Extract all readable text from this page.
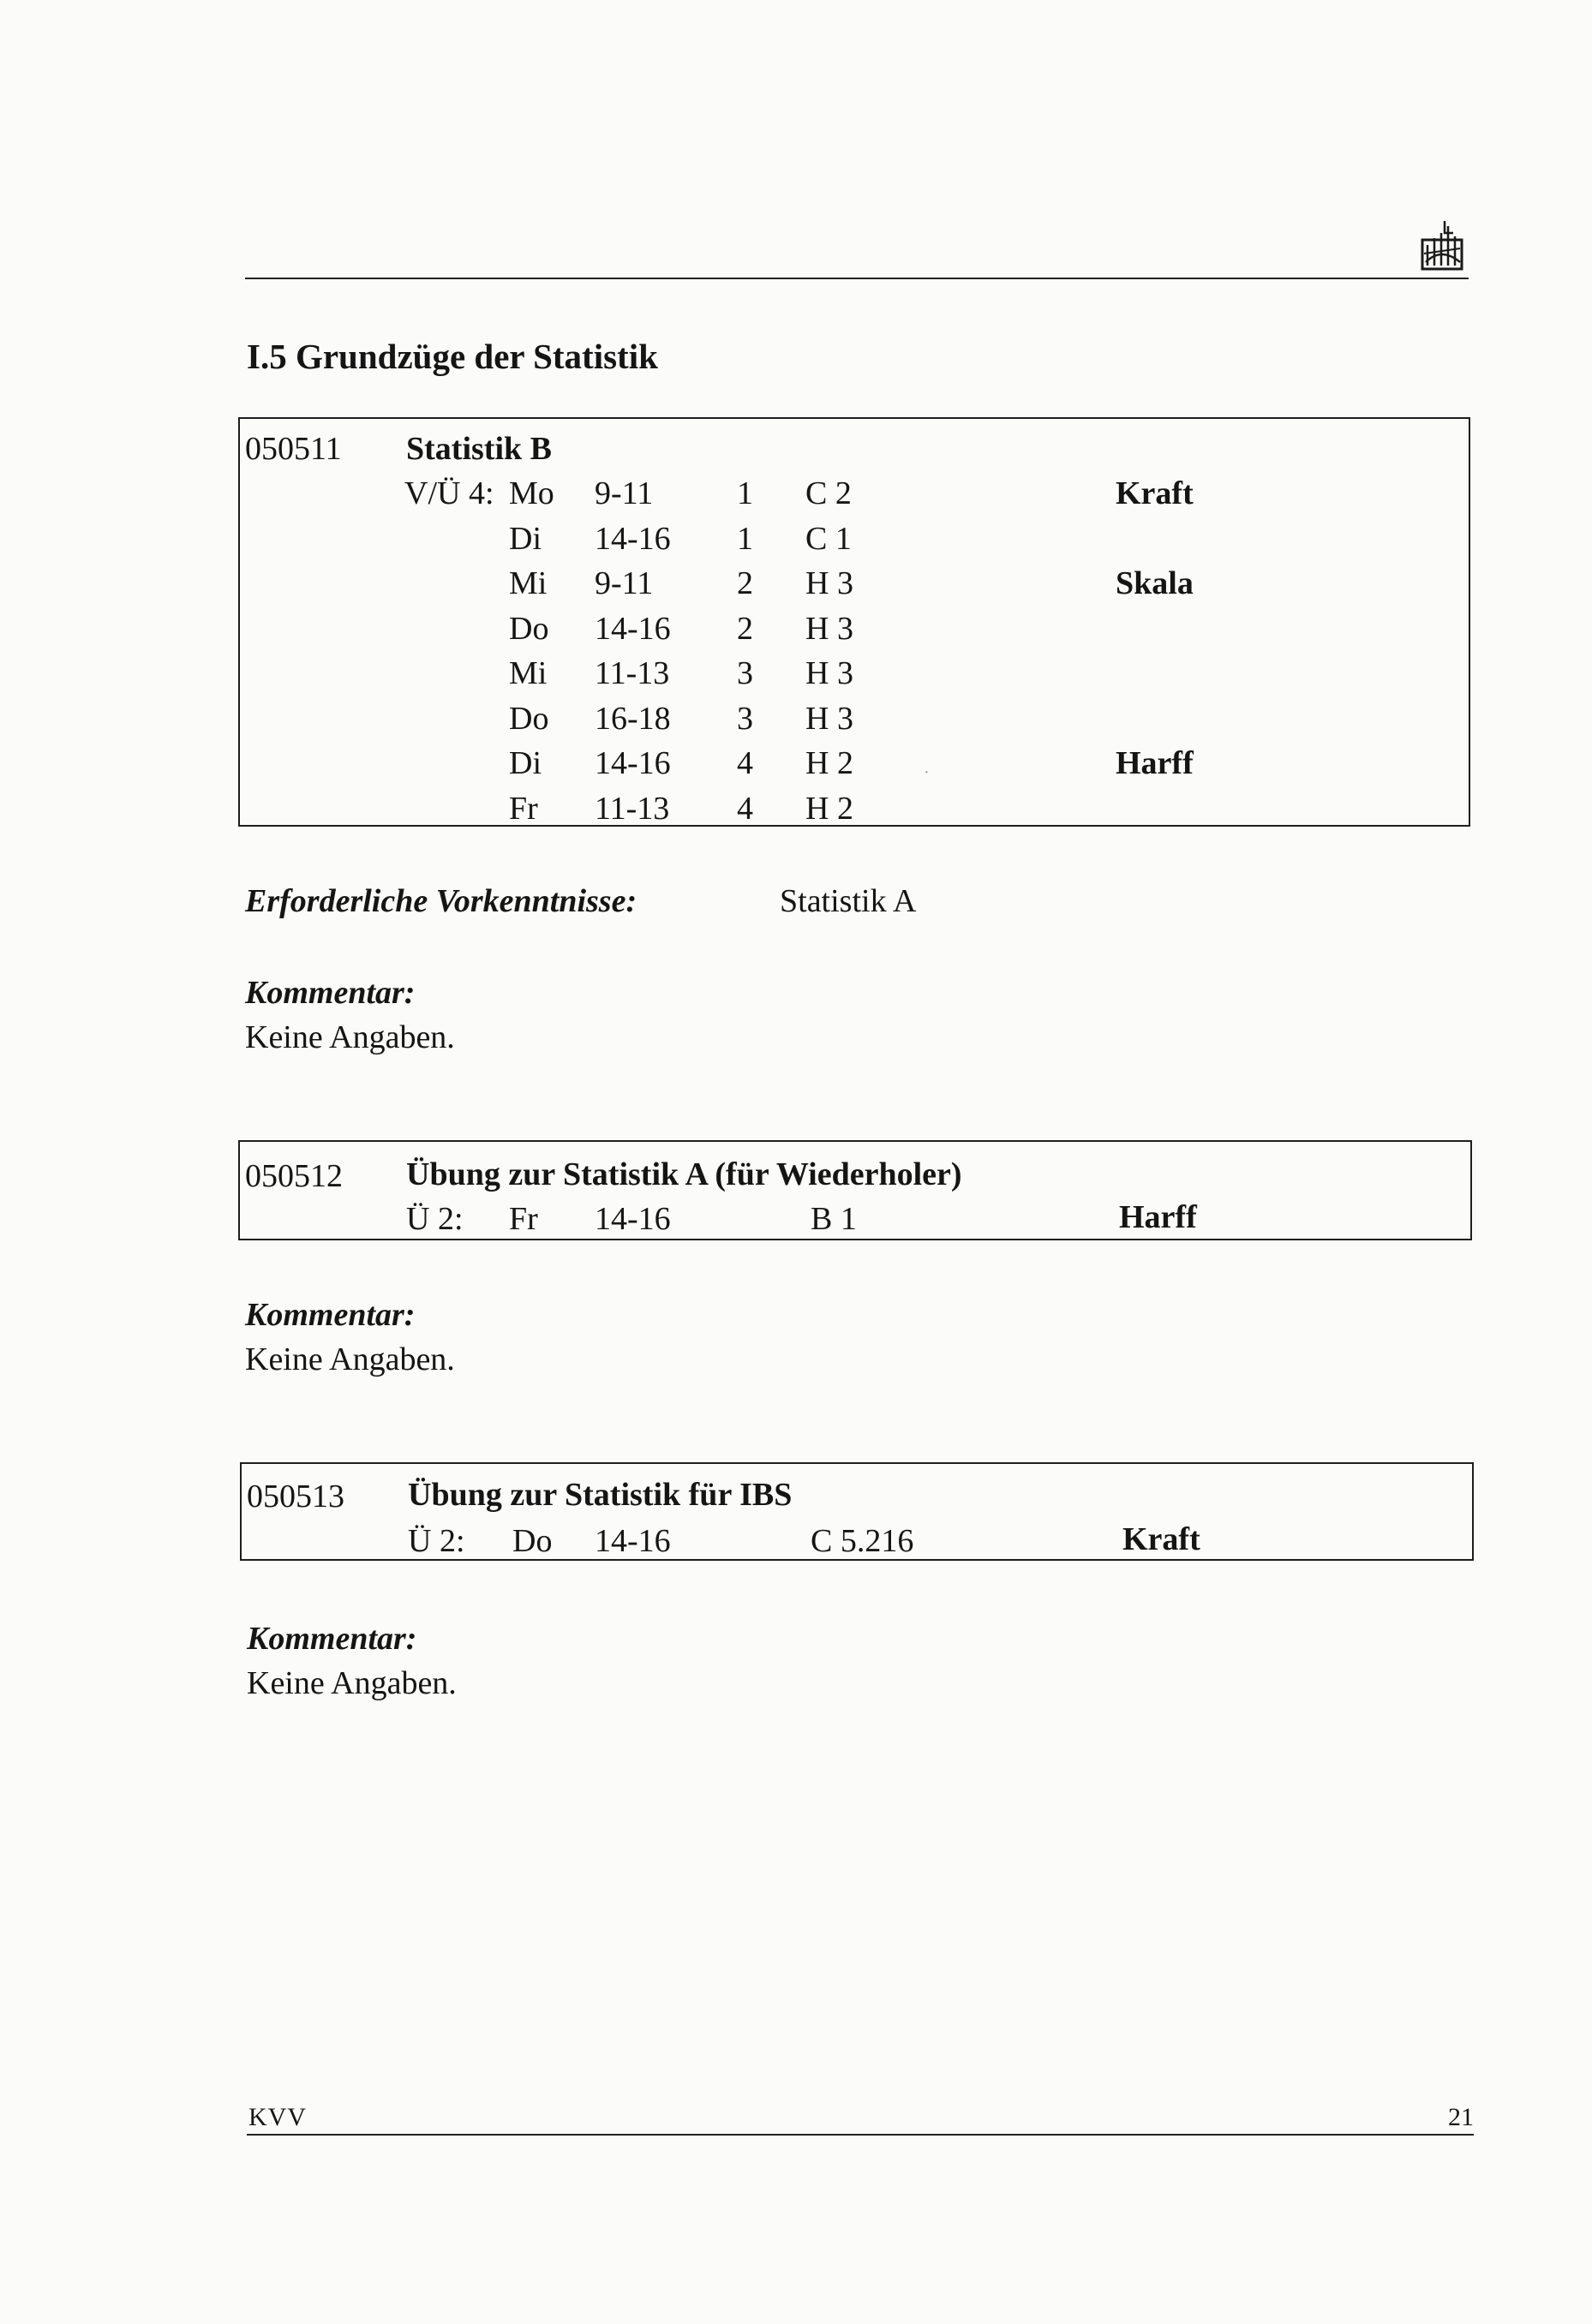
I.5 Grundzüge der Statistik
050511 Statistik B
V/Ü 4: Mo 9-11	1 C 2	Kraft
Di 14-16 1 C 1
Mi 9-11	2 H 3	Skala
Do 14-16 2 H 3
Mi 11-13 3 H 3
Do 16-18 3 H 3
Di 14-16 4 H 2	Harff
Fr 11-13 4 H 2
·
Erforderliche Vorkenntnisse:	Statistik A
Kommentar:
Keine Angaben.
050512 Übung zur Statistik A (für Wiederholer)
Ü 2: Fr 14-16	B 1	Harff
Kommentar:
Keine Angaben.
050513 Übung zur Statistik für IBS
Ü 2: Do 14-16	C 5.216	Kraft
Kommentar:
Keine Angaben.
KVV	21
